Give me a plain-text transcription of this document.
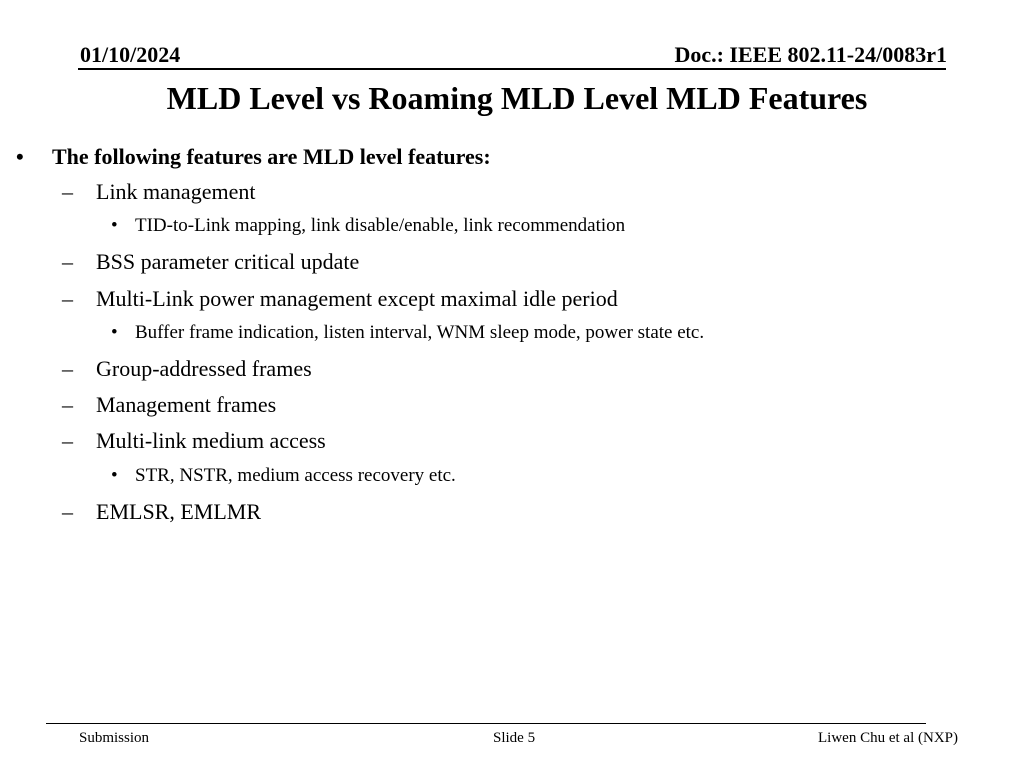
01/10/2024	Doc.: IEEE 802.11-24/0083r1
MLD Level vs Roaming MLD Level MLD Features
• The following features are MLD level features:
– Link management
• TID-to-Link mapping, link disable/enable, link recommendation
– BSS parameter critical update
– Multi-Link power management except maximal idle period
• Buffer frame indication, listen interval, WNM sleep mode, power state etc.
– Group-addressed frames
– Management frames
– Multi-link medium access
• STR, NSTR, medium access recovery etc.
– EMLSR, EMLMR
Submission	Slide 5	Liwen Chu et al (NXP)
